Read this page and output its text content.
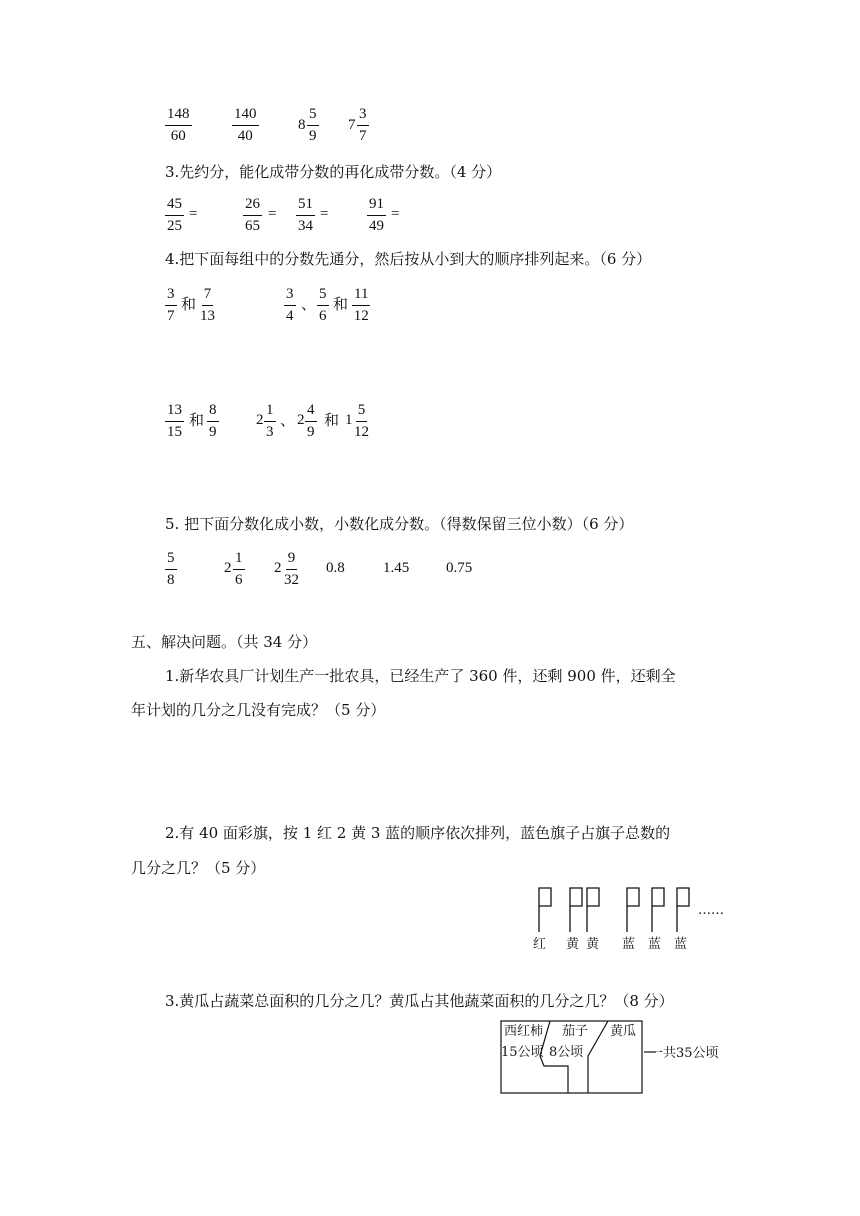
$\frac{148}{60}$	$\frac{140}{40}$	$8 \frac{5}{9} 7 \frac{3}{7}$
3.先约分，能化成带分数的再化成带分数。（4 分）
$\frac{45}{25}$ =	$\frac{26}{65} = \frac{51}{34}$ =	$\frac{91}{49}$ =
4.把下面每组中的分数先通分，然后按从小到大的顺序排列起来。（6 分）
$\frac{3}{7}$ 和 $\frac{7}{13}$	$\frac{3}{4}$ 、 $\frac{5}{6}$ 和 $\frac{11}{12}$
$\frac{13}{15}$ 和 $\frac{8}{9}$	$2 \frac{1}{3}$ 、 $2 \frac{4}{9}$ 和 $1 \frac{5}{12}$
5. 把下面分数化成小数，小数化成分数。（得数保留三位小数）（6 分）
$\frac{5}{8}$	$2 \frac{1}{6} 2 \frac{9}{32} 0.8$	1.45 0.75
五、解决问题。（共 34 分）
1.新华农具厂计划生产一批农具，已经生产了 360 件，还剩 900 件，还剩全
年计划的几分之几没有完成？（5 分）
2.有 40 面彩旗，按 1 红 2 黄 3 蓝的顺序依次排列，蓝色旗子占旗子总数的
几分之几？（5 分）
……
红 黄 黄 蓝 蓝 蓝
3.黄瓜占蔬菜总面积的几分之几？黄瓜占其他蔬菜面积的几分之几？（8 分）
西红柿
15公顷
茄子
8公顷
黄瓜
一共35公顷
